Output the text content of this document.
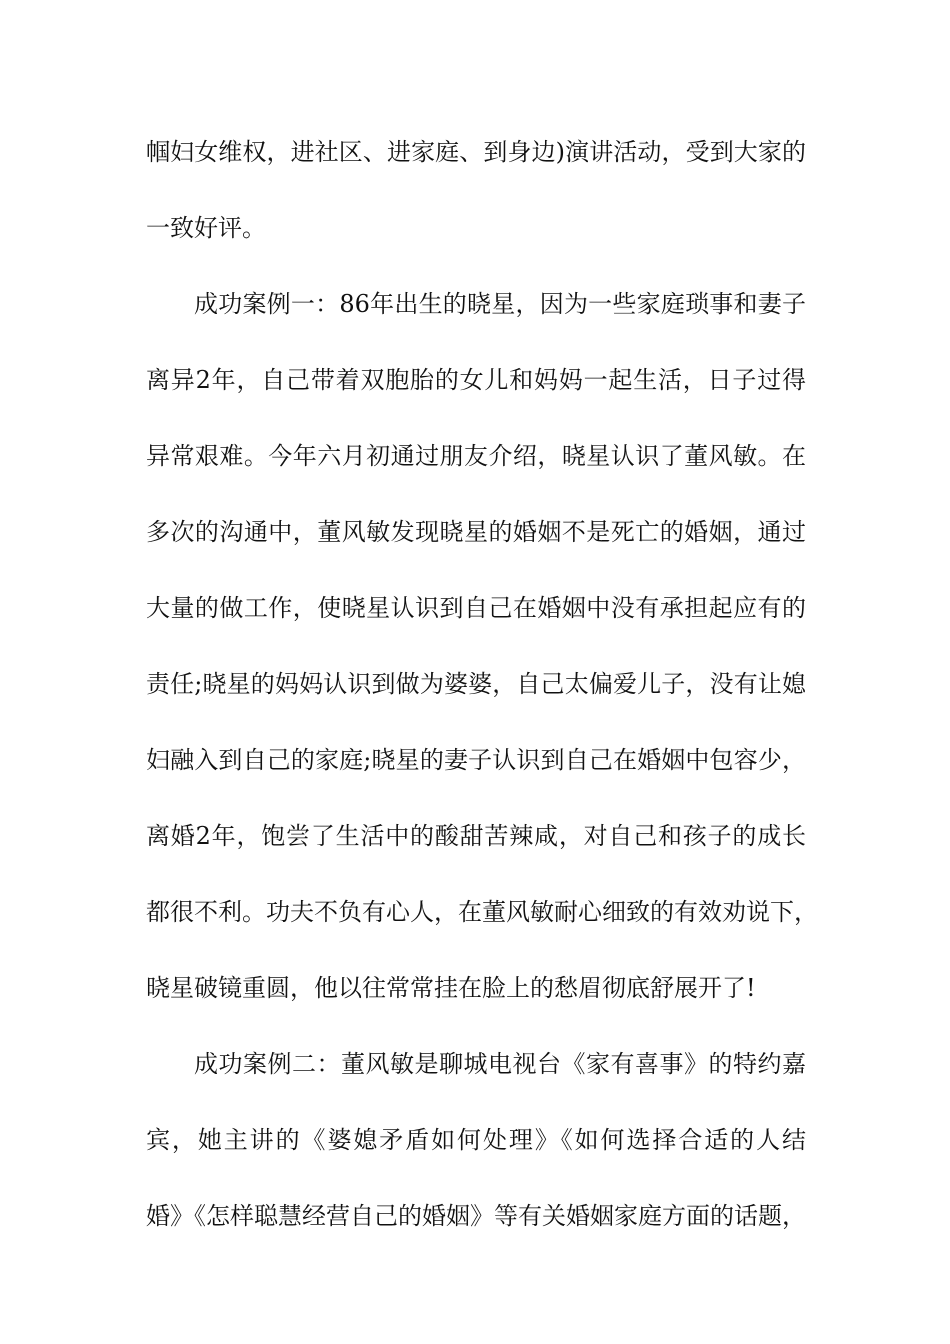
帼妇女维权，进社区、进家庭、到身边)演讲活动，受到大家的
一致好评。
成功案例一：86年出生的晓星，因为一些家庭琐事和妻子
离异2年，自己带着双胞胎的女儿和妈妈一起生活，日子过得
异常艰难。今年六月初通过朋友介绍，晓星认识了董风敏。在
多次的沟通中，董风敏发现晓星的婚姻不是死亡的婚姻，通过
大量的做工作，使晓星认识到自己在婚姻中没有承担起应有的
责任;晓星的妈妈认识到做为婆婆，自己太偏爱儿子，没有让媳
妇融入到自己的家庭;晓星的妻子认识到自己在婚姻中包容少，
离婚2年，饱尝了生活中的酸甜苦辣咸，对自己和孩子的成长
都很不利。功夫不负有心人，在董风敏耐心细致的有效劝说下，
晓星破镜重圆，他以往常常挂在脸上的愁眉彻底舒展开了!
成功案例二：董风敏是聊城电视台《家有喜事》的特约嘉
宾，她主讲的《婆媳矛盾如何处理》《如何选择合适的人结
婚》《怎样聪慧经营自己的婚姻》等有关婚姻家庭方面的话题，
